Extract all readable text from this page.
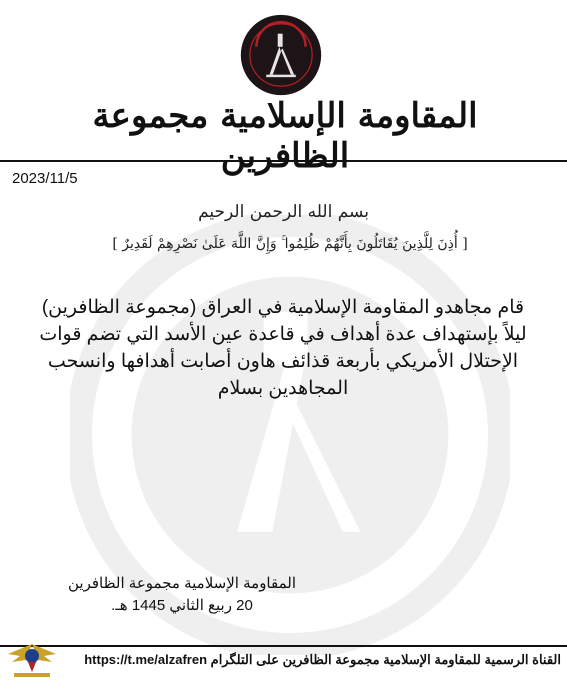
المقاومة الإسلامية مجموعة الظافرين
2023/11/5
بسم الله الرحمن الرحيم
[ أُذِنَ لِلَّذِينَ يُقَاتَلُونَ بِأَنَّهُمْ ظُلِمُوا ۚ وَإِنَّ اللَّهَ عَلَىٰ نَصْرِهِمْ لَقَدِيرٌ ]
قام مجاهدو المقاومة الإسلامية في العراق (مجموعة الظافرين)
ليلاً بإستهداف عدة أهداف في قاعدة عين الأسد التي تضم قوات
الإحتلال الأمريكي بأربعة قذائف هاون أصابت أهدافها وانسحب
المجاهدين بسلام
المقاومة الإسلامية مجموعة الظافرين
20 ربيع الثاني 1445 هـ.
القناة الرسمية للمقاومة الإسلامية مجموعة الظافرين على التلگرام https://t.me/alzafren
